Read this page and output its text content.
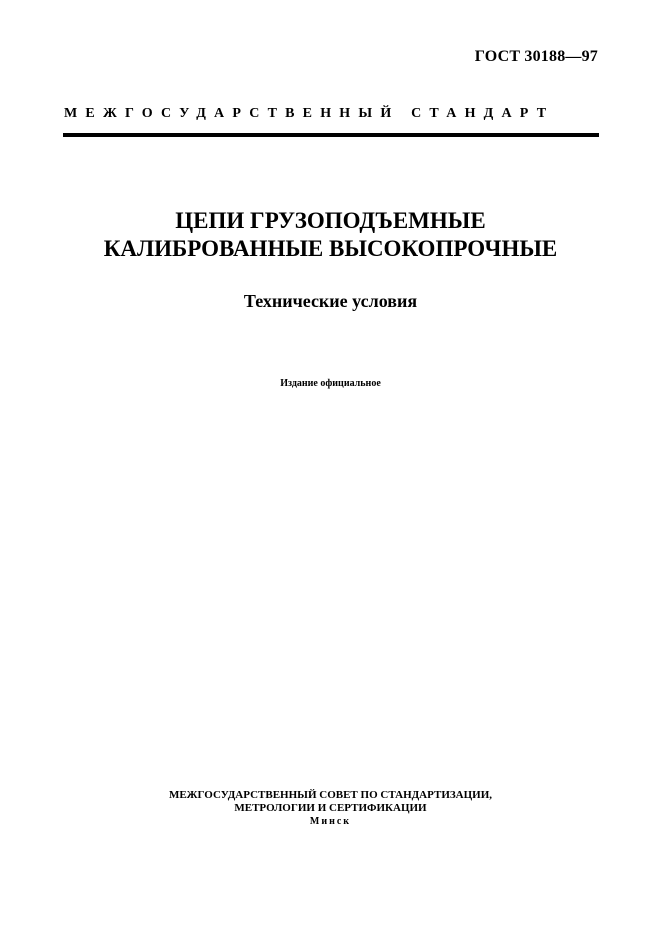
ГОСТ 30188—97
МЕЖГОСУДАРСТВЕННЫЙ СТАНДАРТ
ЦЕПИ ГРУЗОПОДЪЕМНЫЕ
КАЛИБРОВАННЫЕ ВЫСОКОПРОЧНЫЕ
Технические условия
Издание официальное
МЕЖГОСУДАРСТВЕННЫЙ СОВЕТ ПО СТАНДАРТИЗАЦИИ,
МЕТРОЛОГИИ И СЕРТИФИКАЦИИ
Минск
